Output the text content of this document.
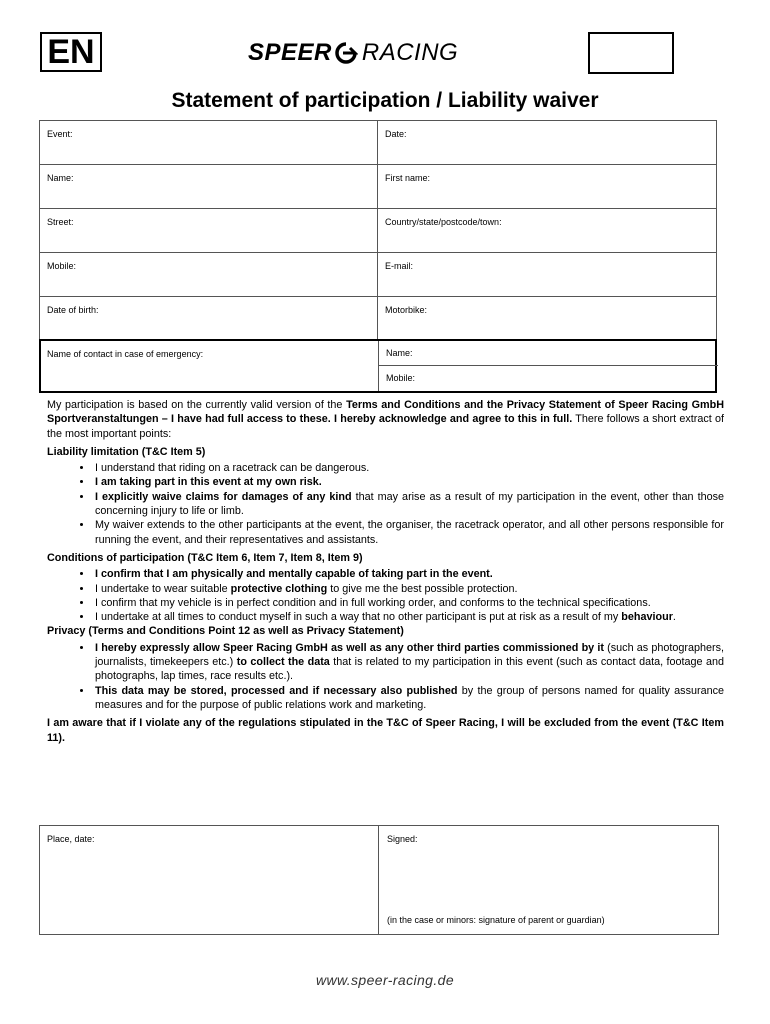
EN	SPEER RACING
Statement of participation / Liability waiver
Event:	Date:
Name:	First name:
Street:	Country/state/postcode/town:
Mobile:	E-mail:
Date of birth:	Motorbike:
Name of contact in case of emergency:	Name:
Mobile:

My participation is based on the currently valid version of the Terms and Conditions and the Privacy Statement of Speer Racing GmbH Sportveranstaltungen – I have had full access to these. I hereby acknowledge and agree to this in full. There follows a short extract of the most important points:

Liability limitation (T&C Item 5)
• I understand that riding on a racetrack can be dangerous.
• I am taking part in this event at my own risk.
• I explicitly waive claims for damages of any kind that may arise as a result of my participation in the event, other than those concerning injury to life or limb.
• My waiver extends to the other participants at the event, the organiser, the racetrack operator, and all other persons responsible for running the event, and their representatives and assistants.
Conditions of participation (T&C Item 6, Item 7, Item 8, Item 9)
• I confirm that I am physically and mentally capable of taking part in the event.
• I undertake to wear suitable protective clothing to give me the best possible protection.
• I confirm that my vehicle is in perfect condition and in full working order, and conforms to the technical specifications.
• I undertake at all times to conduct myself in such a way that no other participant is put at risk as a result of my behaviour.
Privacy (Terms and Conditions Point 12 as well as Privacy Statement)
• I hereby expressly allow Speer Racing GmbH as well as any other third parties commissioned by it (such as photographers, journalists, timekeepers etc.) to collect the data that is related to my participation in this event (such as contact data, footage and photographs, lap times, race results etc.).
• This data may be stored, processed and if necessary also published by the group of persons named for quality assurance measures and for the purpose of public relations work and marketing.

I am aware that if I violate any of the regulations stipulated in the T&C of Speer Racing, I will be excluded from the event (T&C Item 11).

Place, date:	Signed:
(in the case or minors: signature of parent or guardian)
www.speer-racing.de
